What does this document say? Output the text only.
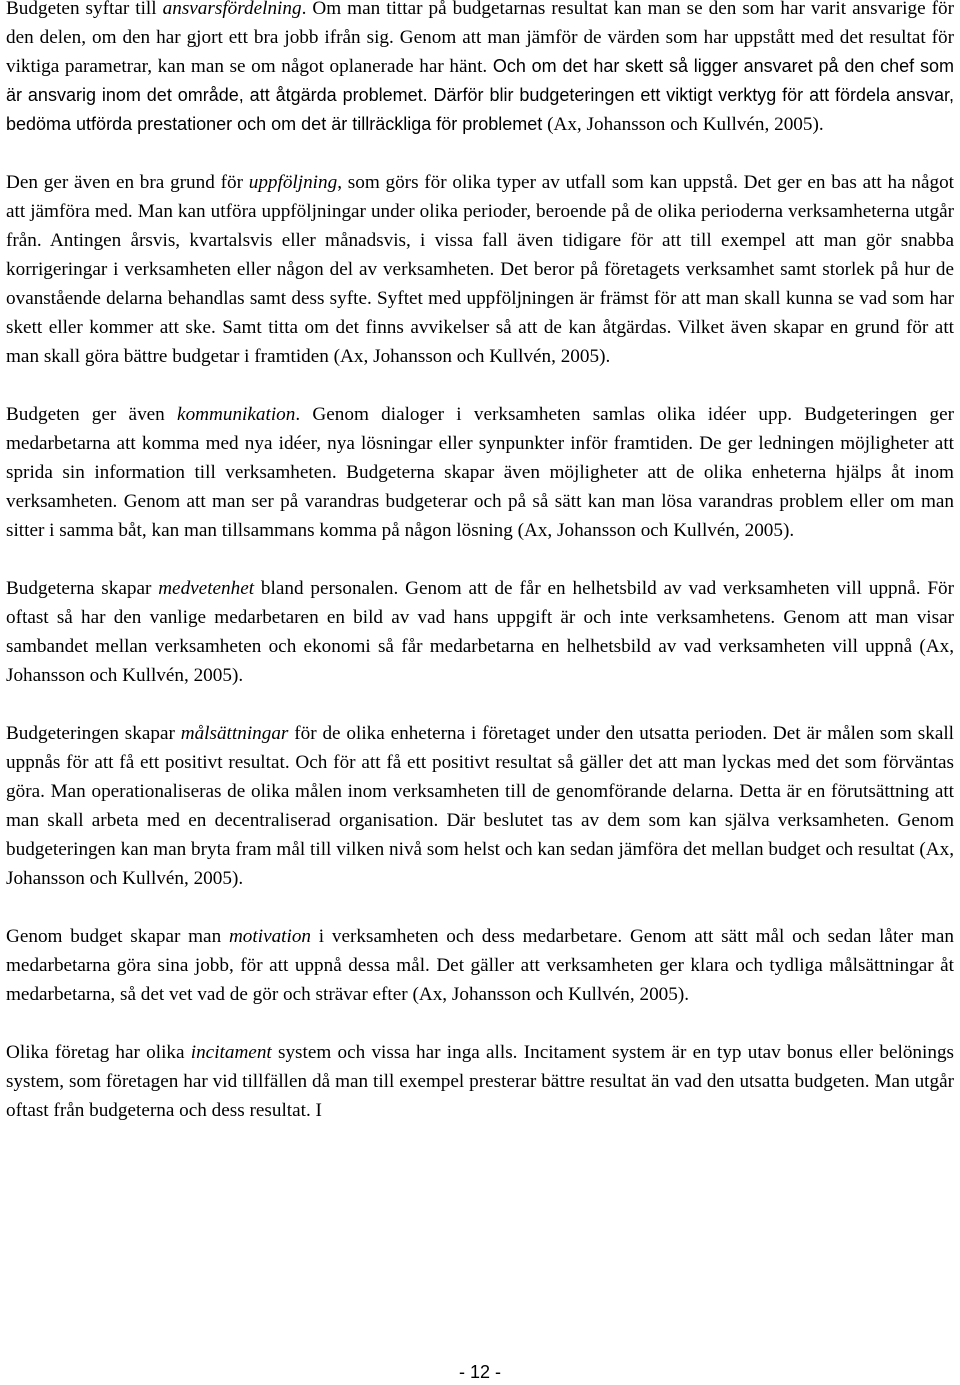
Budgeten syftar till ansvarsfördelning. Om man tittar på budgetarnas resultat kan man se den som har varit ansvarige för den delen, om den har gjort ett bra jobb ifrån sig. Genom att man jämför de värden som har uppstått med det resultat för viktiga parametrar, kan man se om något oplanerade har hänt. Och om det har skett så ligger ansvaret på den chef som är ansvarig inom det område, att åtgärda problemet. Därför blir budgeteringen ett viktigt verktyg för att fördela ansvar, bedöma utförda prestationer och om det är tillräckliga för problemet (Ax, Johansson och Kullvén, 2005).

Den ger även en bra grund för uppföljning, som görs för olika typer av utfall som kan uppstå. Det ger en bas att ha något att jämföra med. Man kan utföra uppföljningar under olika perioder, beroende på de olika perioderna verksamheterna utgår från. Antingen årsvis, kvartalsvis eller månadsvis, i vissa fall även tidigare för att till exempel att man gör snabba korrigeringar i verksamheten eller någon del av verksamheten. Det beror på företagets verksamhet samt storlek på hur de ovanstående delarna behandlas samt dess syfte. Syftet med uppföljningen är främst för att man skall kunna se vad som har skett eller kommer att ske. Samt titta om det finns avvikelser så att de kan åtgärdas. Vilket även skapar en grund för att man skall göra bättre budgetar i framtiden (Ax, Johansson och Kullvén, 2005).

Budgeten ger även kommunikation. Genom dialoger i verksamheten samlas olika idéer upp. Budgeteringen ger medarbetarna att komma med nya idéer, nya lösningar eller synpunkter inför framtiden. De ger ledningen möjligheter att sprida sin information till verksamheten. Budgeterna skapar även möjligheter att de olika enheterna hjälps åt inom verksamheten. Genom att man ser på varandras budgeterar och på så sätt kan man lösa varandras problem eller om man sitter i samma båt, kan man tillsammans komma på någon lösning (Ax, Johansson och Kullvén, 2005).

Budgeterna skapar medvetenhet bland personalen. Genom att de får en helhetsbild av vad verksamheten vill uppnå. För oftast så har den vanlige medarbetaren en bild av vad hans uppgift är och inte verksamhetens. Genom att man visar sambandet mellan verksamheten och ekonomi så får medarbetarna en helhetsbild av vad verksamheten vill uppnå (Ax, Johansson och Kullvén, 2005).

Budgeteringen skapar målsättningar för de olika enheterna i företaget under den utsatta perioden. Det är målen som skall uppnås för att få ett positivt resultat. Och för att få ett positivt resultat så gäller det att man lyckas med det som förväntas göra. Man operationaliseras de olika målen inom verksamheten till de genomförande delarna. Detta är en förutsättning att man skall arbeta med en decentraliserad organisation. Där beslutet tas av dem som kan själva verksamheten. Genom budgeteringen kan man bryta fram mål till vilken nivå som helst och kan sedan jämföra det mellan budget och resultat (Ax, Johansson och Kullvén, 2005).

Genom budget skapar man motivation i verksamheten och dess medarbetare. Genom att sätt mål och sedan låter man medarbetarna göra sina jobb, för att uppnå dessa mål. Det gäller att verksamheten ger klara och tydliga målsättningar åt medarbetarna, så det vet vad de gör och strävar efter (Ax, Johansson och Kullvén, 2005).

Olika företag har olika incitament system och vissa har inga alls. Incitament system är en typ utav bonus eller belönings system, som företagen har vid tillfällen då man till exempel presterar bättre resultat än vad den utsatta budgeten. Man utgår oftast från budgeterna och dess resultat. I

- 12 -
